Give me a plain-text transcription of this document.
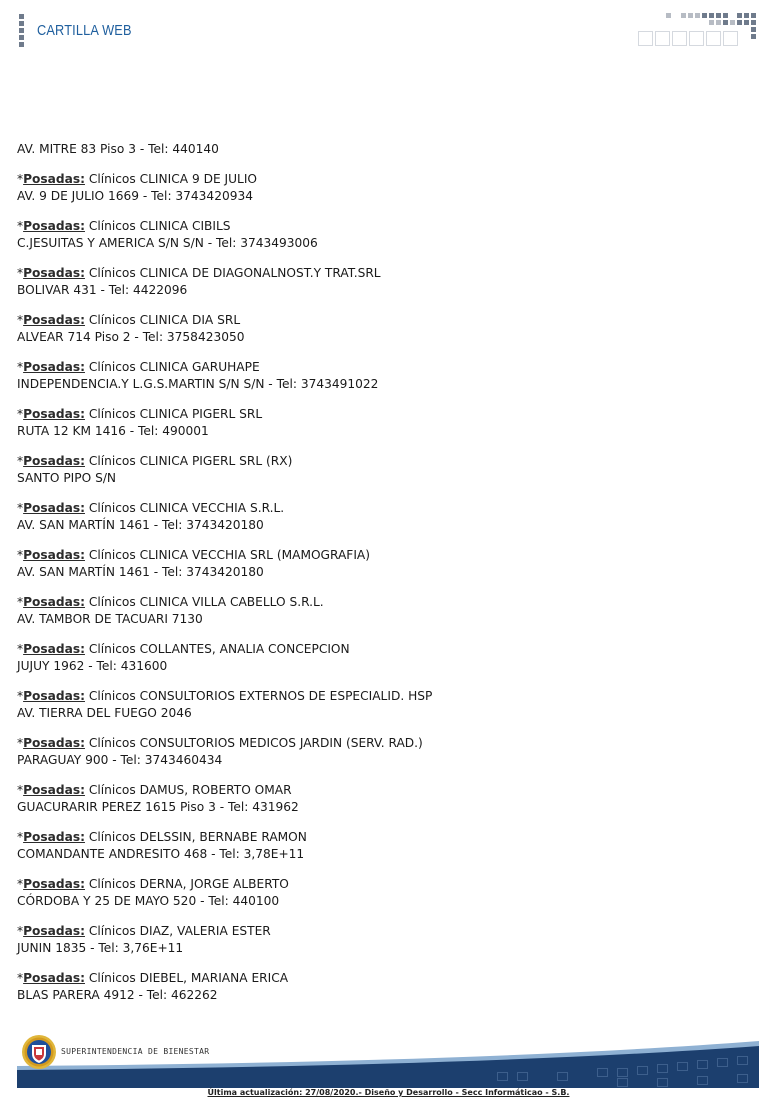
CARTILLA WEB
AV. MITRE 83 Piso 3 - Tel: 440140
*Posadas: Clínicos CLINICA 9 DE JULIO
AV. 9 DE JULIO 1669 - Tel: 3743420934
*Posadas: Clínicos CLINICA CIBILS
C.JESUITAS Y AMERICA S/N S/N - Tel: 3743493006
*Posadas: Clínicos CLINICA DE DIAGONALNOST.Y TRAT.SRL
BOLIVAR 431 - Tel: 4422096
*Posadas: Clínicos CLINICA DIA SRL
ALVEAR 714 Piso 2 - Tel: 3758423050
*Posadas: Clínicos CLINICA GARUHAPE
INDEPENDENCIA.Y L.G.S.MARTIN S/N S/N - Tel: 3743491022
*Posadas: Clínicos CLINICA PIGERL SRL
RUTA 12 KM 1416 - Tel: 490001
*Posadas: Clínicos CLINICA PIGERL SRL (RX)
SANTO PIPO S/N
*Posadas: Clínicos CLINICA VECCHIA S.R.L.
AV. SAN MARTÍN 1461 - Tel: 3743420180
*Posadas: Clínicos CLINICA VECCHIA SRL (MAMOGRAFIA)
AV. SAN MARTÍN 1461 - Tel: 3743420180
*Posadas: Clínicos CLINICA VILLA CABELLO S.R.L.
AV. TAMBOR DE TACUARI 7130
*Posadas: Clínicos COLLANTES, ANALIA CONCEPCION
JUJUY 1962 - Tel: 431600
*Posadas: Clínicos CONSULTORIOS EXTERNOS DE ESPECIALID. HSP
AV. TIERRA DEL FUEGO 2046
*Posadas: Clínicos CONSULTORIOS MEDICOS JARDIN (SERV. RAD.)
PARAGUAY 900 - Tel: 3743460434
*Posadas: Clínicos DAMUS, ROBERTO OMAR
GUACURARIR PEREZ 1615 Piso 3 - Tel: 431962
*Posadas: Clínicos DELSSIN, BERNABE RAMON
COMANDANTE ANDRESITO 468 - Tel: 3,78E+11
*Posadas: Clínicos DERNA, JORGE ALBERTO
CÓRDOBA Y 25 DE MAYO 520 - Tel: 440100
*Posadas: Clínicos DIAZ, VALERIA ESTER
JUNIN 1835 - Tel: 3,76E+11
*Posadas: Clínicos DIEBEL, MARIANA ERICA
BLAS PARERA 4912 - Tel: 462262
SUPERINTENDENCIA DE BIENESTAR
Última actualización: 27/08/2020.- Diseño y Desarrollo - Secc Informáticao - S.B.
